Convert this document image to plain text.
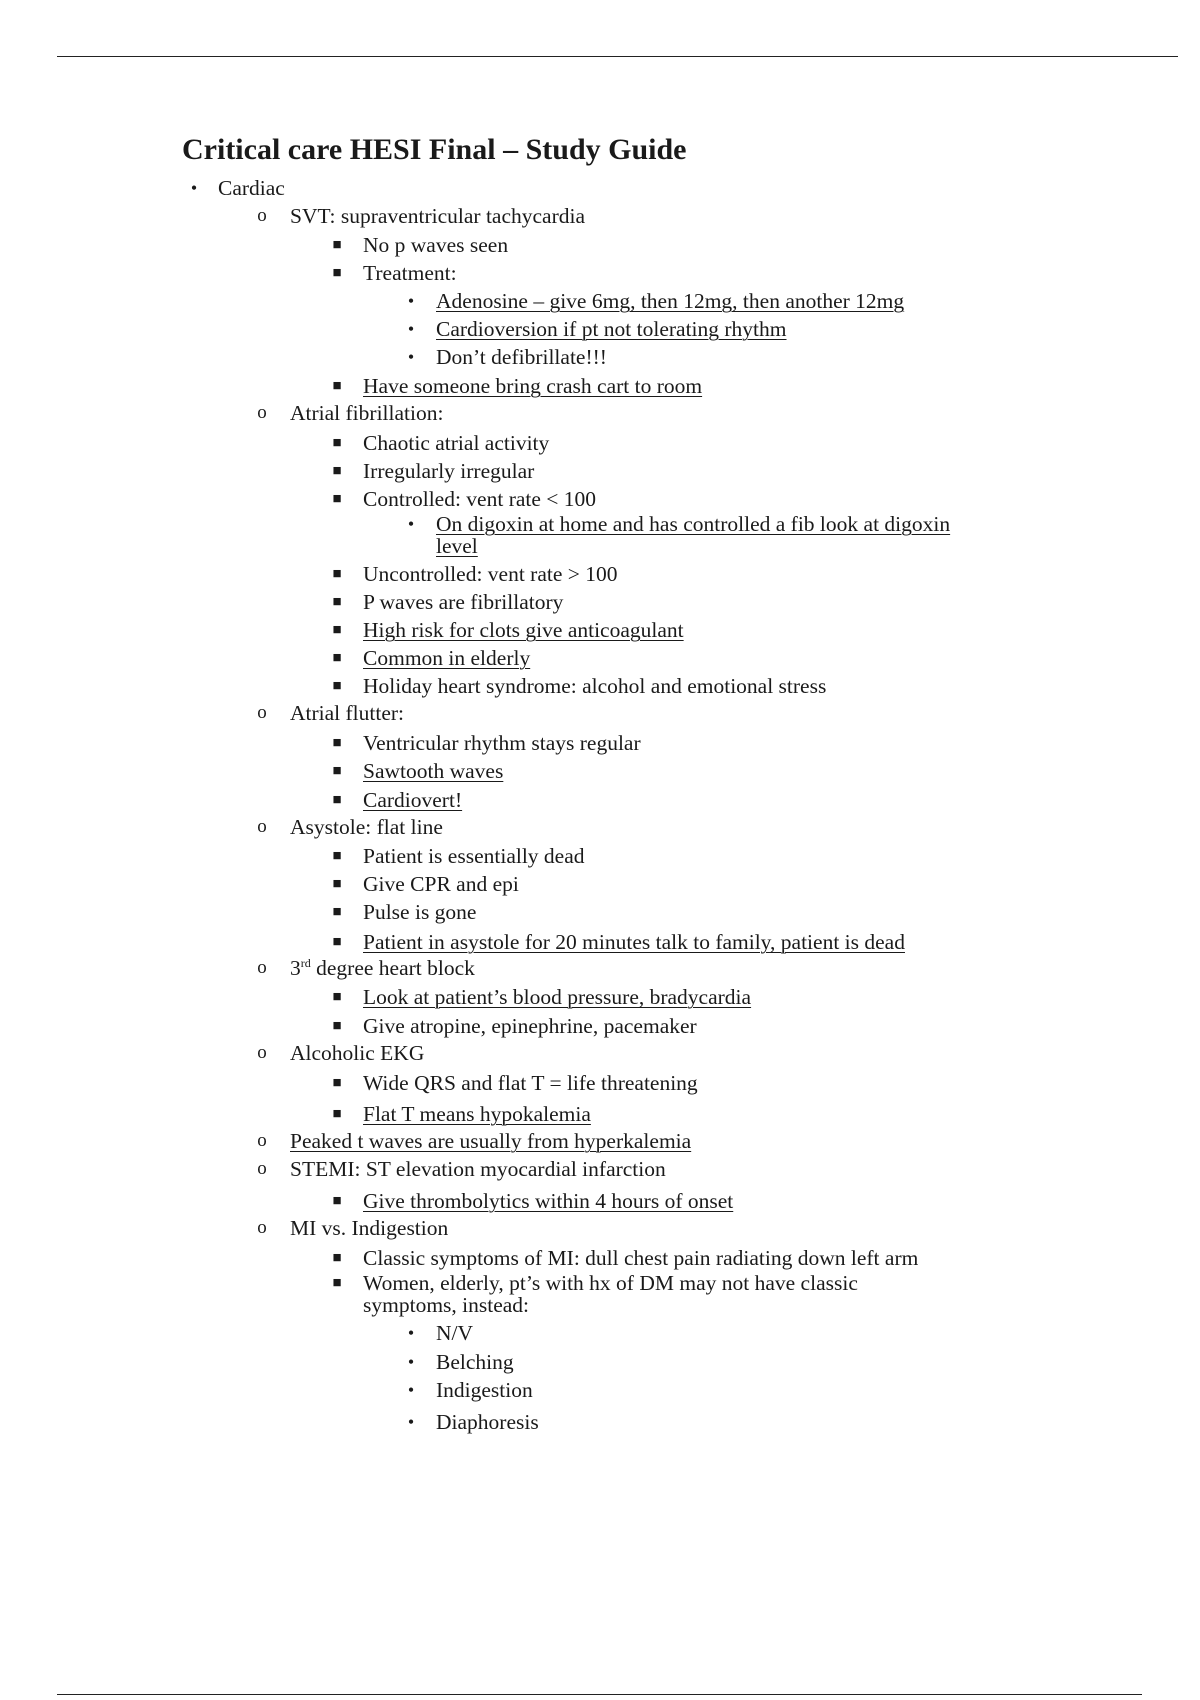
Critical care HESI Final – Study Guide
• Cardiac
o SVT: supraventricular tachycardia
■ No p waves seen
■ Treatment:
•	Adenosine – give 6mg, then 12mg, then another 12mg
•	Cardioversion if pt not tolerating rhythm
•	Don’t defibrillate!!!
■ Have someone bring crash cart to room
o Atrial fibrillation:
■ Chaotic atrial activity
■ Irregularly irregular
■ Controlled: vent rate < 100
•	On digoxin at home and has controlled a fib look at digoxin
level
■ Uncontrolled: vent rate > 100
■ P waves are fibrillatory
■ High risk for clots give anticoagulant
■ Common in elderly
■ Holiday heart syndrome: alcohol and emotional stress
o Atrial flutter:
■ Ventricular rhythm stays regular
■ Sawtooth waves
■ Cardiovert!
o Asystole: flat line
■ Patient is essentially dead
■ Give CPR and epi
■ Pulse is gone
■ Patient in asystole for 20 minutes talk to family, patient is dead
o 3rd degree heart block
■ Look at patient’s blood pressure, bradycardia
■ Give atropine, epinephrine, pacemaker
o Alcoholic EKG
■ Wide QRS and flat T = life threatening
■ Flat T means hypokalemia
o Peaked t waves are usually from hyperkalemia
o STEMI: ST elevation myocardial infarction
■ Give thrombolytics within 4 hours of onset
o MI vs. Indigestion
■ Classic symptoms of MI: dull chest pain radiating down left arm
■ Women, elderly, pt’s with hx of DM may not have classic
symptoms, instead:
•	N/V
•	Belching
•	Indigestion
•	Diaphoresis
